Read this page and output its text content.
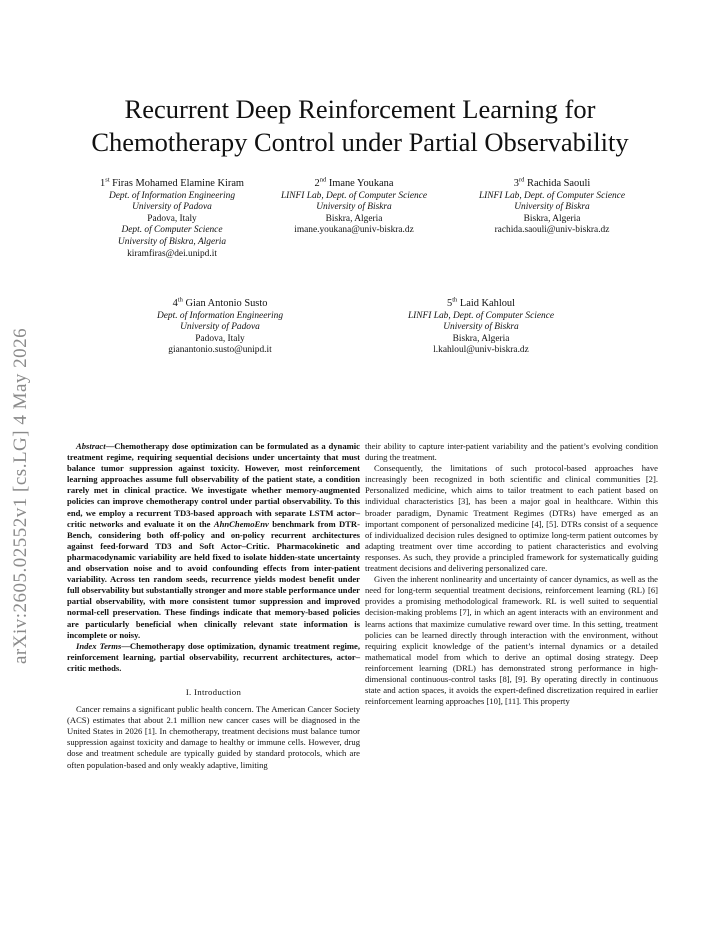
arXiv:2605.02552v1 [cs.LG] 4 May 2026
Recurrent Deep Reinforcement Learning for
Chemotherapy Control under Partial Observability
1st Firas Mohamed Elamine Kiram
Dept. of Information Engineering
University of Padova
Padova, Italy
Dept. of Computer Science
University of Biskra, Algeria
kiramfiras@dei.unipd.it
2nd Imane Youkana
LINFI Lab, Dept. of Computer Science
University of Biskra
Biskra, Algeria
imane.youkana@univ-biskra.dz
3rd Rachida Saouli
LINFI Lab, Dept. of Computer Science
University of Biskra
Biskra, Algeria
rachida.saouli@univ-biskra.dz
4th Gian Antonio Susto
Dept. of Information Engineering
University of Padova
Padova, Italy
gianantonio.susto@unipd.it
5th Laid Kahloul
LINFI Lab, Dept. of Computer Science
University of Biskra
Biskra, Algeria
l.kahloul@univ-biskra.dz

Abstract—Chemotherapy dose optimization can be formulated as a dynamic treatment regime, requiring sequential decisions under uncertainty that must balance tumor suppression against toxicity. However, most reinforcement learning approaches assume full observability of the patient state, a condition rarely met in clinical practice. We investigate whether memory-augmented policies can improve chemotherapy control under partial observability. To this end, we employ a recurrent TD3-based approach with separate LSTM actor–critic networks and evaluate it on the AhnChemoEnv benchmark from DTR-Bench, considering both off-policy and on-policy recurrent architectures against feed-forward TD3 and Soft Actor–Critic. Pharmacokinetic and pharmacodynamic variability are held fixed to isolate hidden-state uncertainty and observation noise and to avoid confounding effects from inter-patient variability. Across ten random seeds, recurrence yields modest benefit under full observability but substantially stronger and more stable performance under partial observability, with more consistent tumor suppression and improved normal-cell preservation. These findings indicate that memory-based policies are particularly beneficial when clinically relevant state information is incomplete or noisy.

Index Terms—Chemotherapy dose optimization, dynamic treatment regime, reinforcement learning, partial observability, recurrent architectures, actor–critic methods.

I. Introduction

Cancer remains a significant public health concern. The American Cancer Society (ACS) estimates that about 2.1 million new cancer cases will be diagnosed in the United States in 2026 [1]. In chemotherapy, treatment decisions must balance tumor suppression against toxicity and damage to healthy or immune cells. However, drug dose and treatment schedule are typically guided by standard protocols, which are often population-based and only weakly adaptive, limiting

their ability to capture inter-patient variability and the patient’s evolving condition during the treatment.

Consequently, the limitations of such protocol-based approaches have increasingly been recognized in both scientific and clinical communities [2]. Personalized medicine, which aims to tailor treatment to each patient based on individual characteristics [3], has been a major goal in healthcare. Within this broader paradigm, Dynamic Treatment Regimes (DTRs) have emerged as an important component of personalized medicine [4], [5]. DTRs consist of a sequence of individualized decision rules designed to optimize long-term patient outcomes by adapting treatment over time according to patient characteristics and evolving responses. As such, they provide a principled framework for systematically guiding treatment decisions and delivering personalized care.

Given the inherent nonlinearity and uncertainty of cancer dynamics, as well as the need for long-term sequential treatment decisions, reinforcement learning (RL) [6] provides a promising methodological framework. RL is well suited to sequential decision-making problems [7], in which an agent interacts with an environment and learns actions that maximize cumulative reward over time. In this setting, treatment policies can be learned directly through interaction with the environment, without requiring explicit knowledge of the patient’s internal dynamics or a detailed mathematical model from which to derive an optimal dosing strategy. Deep reinforcement learning (DRL) has demonstrated strong performance in high-dimensional continuous-control tasks [8], [9]. By operating directly in continuous state and action spaces, it avoids the expert-defined discretization required in earlier reinforcement learning approaches [10], [11]. This property
